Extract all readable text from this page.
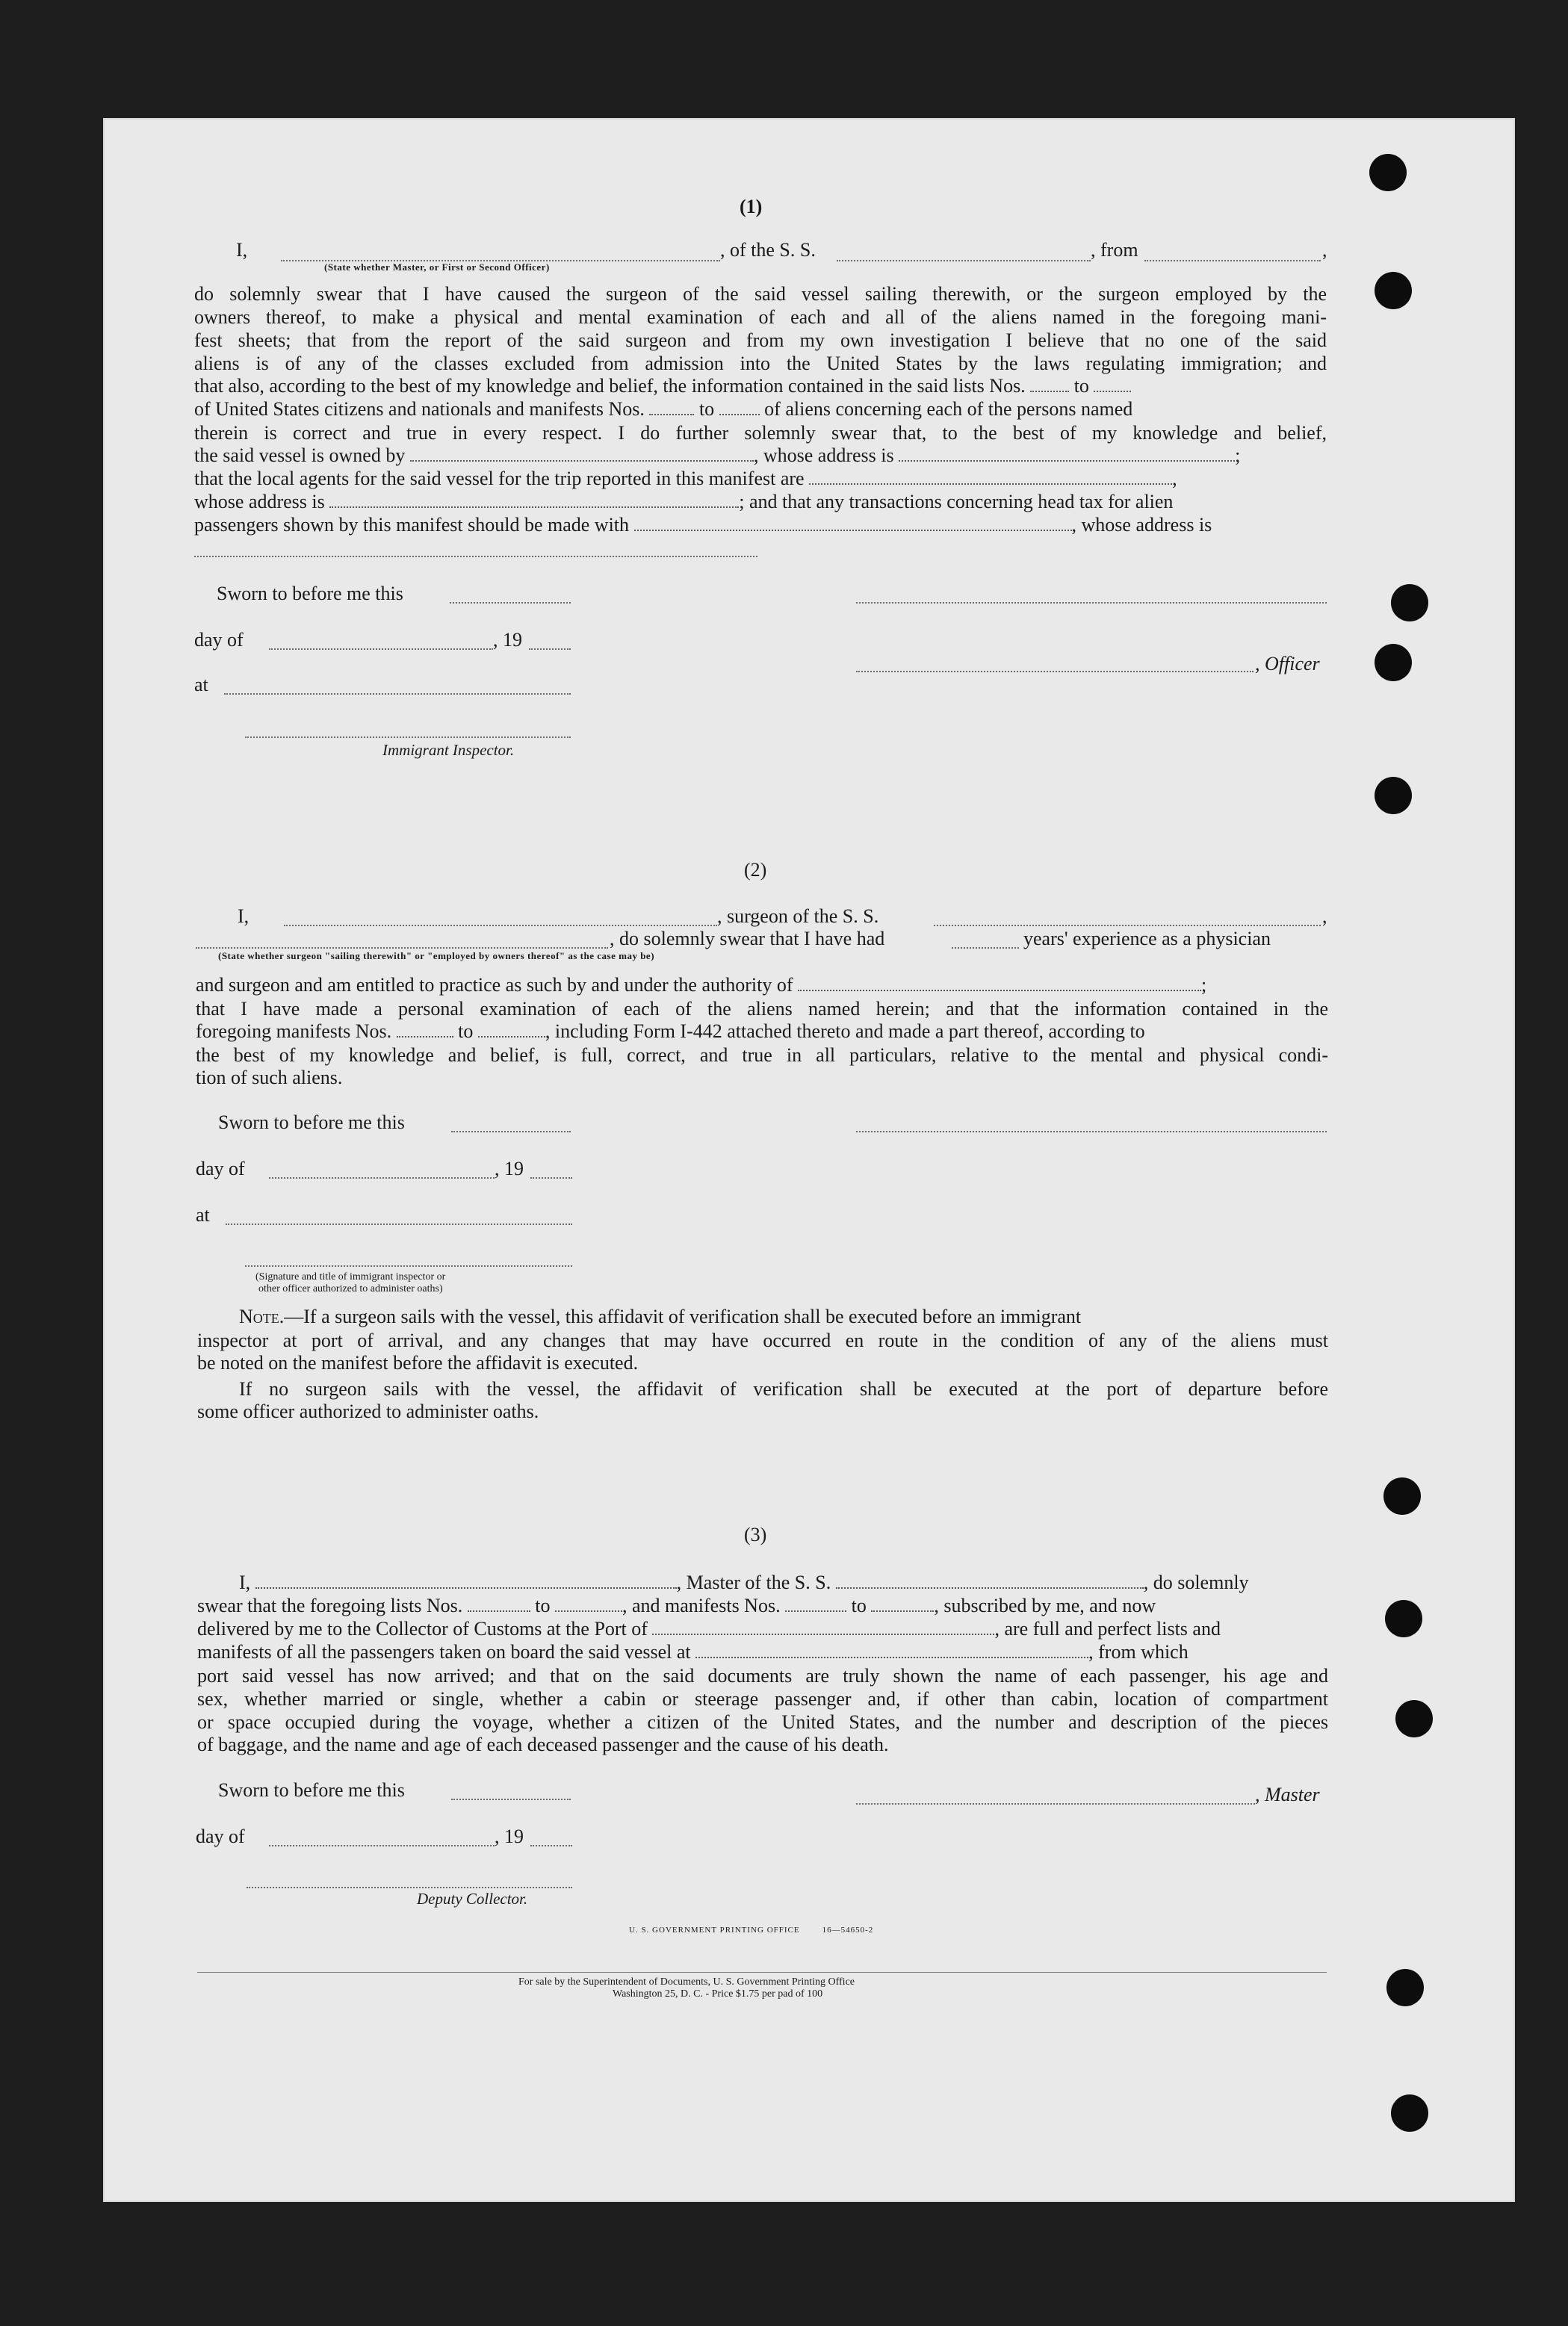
(1)
I,	, of the S. S.	, from	,
(State whether Master, or First or Second Officer)
do solemnly swear that I have caused the surgeon of the said vessel sailing therewith, or the surgeon employed by the
owners thereof, to make a physical and mental examination of each and all of the aliens named in the foregoing mani-
fest sheets; that from the report of the said surgeon and from my own investigation I believe that no one of the said
aliens is of any of the classes excluded from admission into the United States by the laws regulating immigration; and
that also, according to the best of my knowledge and belief, the information contained in the said lists Nos.	to
of United States citizens and nationals and manifests Nos.	to	of aliens concerning each of the persons named
therein is correct and true in every respect. I do further solemnly swear that, to the best of my knowledge and belief,
the said vessel is owned by	, whose address is	;
that the local agents for the said vessel for the trip reported in this manifest are	,
whose address is	; and that any transactions concerning head tax for alien
passengers shown by this manifest should be made with	, whose address is
Sworn to before me this
day of	, 19
, Officer
at
Immigrant Inspector.
(2)
I,	, surgeon of the S. S.	,
, do solemnly swear that I have had	years' experience as a physician
(State whether surgeon "sailing therewith" or "employed by owners thereof" as the case may be)
and surgeon and am entitled to practice as such by and under the authority of	;
that I have made a personal examination of each of the aliens named herein; and that the information contained in the
foregoing manifests Nos.	to	, including Form I-442 attached thereto and made a part thereof, according to
the best of my knowledge and belief, is full, correct, and true in all particulars, relative to the mental and physical condi-
tion of such aliens.
Sworn to before me this
day of	, 19
at
(Signature and title of immigrant inspector or
other officer authorized to administer oaths)
Note.—If a surgeon sails with the vessel, this affidavit of verification shall be executed before an immigrant
inspector at port of arrival, and any changes that may have occurred en route in the condition of any of the aliens must
be noted on the manifest before the affidavit is executed.
If no surgeon sails with the vessel, the affidavit of verification shall be executed at the port of departure before
some officer authorized to administer oaths.
(3)
I,	, Master of the S. S.	, do solemnly
swear that the foregoing lists Nos.	to	, and manifests Nos.	to	, subscribed by me, and now
delivered by me to the Collector of Customs at the Port of	, are full and perfect lists and
manifests of all the passengers taken on board the said vessel at	, from which
port said vessel has now arrived; and that on the said documents are truly shown the name of each passenger, his age and
sex, whether married or single, whether a cabin or steerage passenger and, if other than cabin, location of compartment
or space occupied during the voyage, whether a citizen of the United States, and the number and description of the pieces
of baggage, and the name and age of each deceased passenger and the cause of his death.
Sworn to before me this	, Master
day of	, 19
Deputy Collector.
U. S. GOVERNMENT PRINTING OFFICE        16—54650-2
For sale by the Superintendent of Documents, U. S. Government Printing Office
Washington 25, D. C. - Price $1.75 per pad of 100
